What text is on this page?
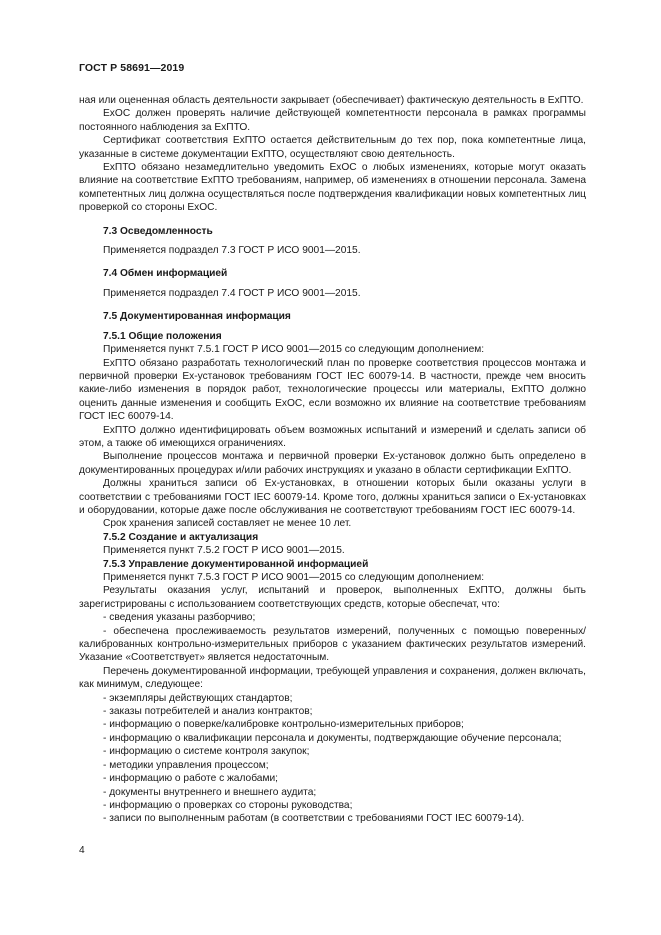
ГОСТ Р 58691—2019

ная или оцененная область деятельности закрывает (обеспечивает) фактическую деятельность в ExПТО.

ExОС должен проверять наличие действующей компетентности персонала в рамках программы постоянного наблюдения за ExПТО.

Сертификат соответствия ExПТО остается действительным до тех пор, пока компетентные лица, указанные в системе документации ExПТО, осуществляют свою деятельность.

ExПТО обязано незамедлительно уведомить ExОС о любых изменениях, которые могут оказать влияние на соответствие ExПТО требованиям, например, об изменениях в отношении персонала. Замена компетентных лиц должна осуществляться после подтверждения квалификации новых компетентных лиц проверкой со стороны ExОС.

7.3 Осведомленность

Применяется подраздел 7.3 ГОСТ Р ИСО 9001—2015.

7.4 Обмен информацией

Применяется подраздел 7.4 ГОСТ Р ИСО 9001—2015.

7.5 Документированная информация

7.5.1 Общие положения

Применяется пункт 7.5.1 ГОСТ Р ИСО 9001—2015 со следующим дополнением:

ExПТО обязано разработать технологический план по проверке соответствия процессов монтажа и первичной проверки Ex-установок требованиям ГОСТ IEC 60079-14. В частности, прежде чем вносить какие-либо изменения в порядок работ, технологические процессы или материалы, ExПТО должно оценить данные изменения и сообщить ExОС, если возможно их влияние на соответствие требованиям ГОСТ IEC 60079-14.

ExПТО должно идентифицировать объем возможных испытаний и измерений и сделать записи об этом, а также об имеющихся ограничениях.

Выполнение процессов монтажа и первичной проверки Ex-установок должно быть определено в документированных процедурах и/или рабочих инструкциях и указано в области сертификации ExПТО.

Должны храниться записи об Ex-установках, в отношении которых были оказаны услуги в соответствии с требованиями ГОСТ IEC 60079-14. Кроме того, должны храниться записи о Ex-установках и оборудовании, которые даже после обслуживания не соответствуют требованиям ГОСТ IEC 60079-14.

Срок хранения записей составляет не менее 10 лет.

7.5.2 Создание и актуализация

Применяется пункт 7.5.2 ГОСТ Р ИСО 9001—2015.

7.5.3 Управление документированной информацией

Применяется пункт 7.5.3 ГОСТ Р ИСО 9001—2015 со следующим дополнением:

Результаты оказания услуг, испытаний и проверок, выполненных ExПТО, должны быть зарегистрированы с использованием соответствующих средств, которые обеспечат, что:

- сведения указаны разборчиво;

- обеспечена прослеживаемость результатов измерений, полученных с помощью поверенных/калиброванных контрольно-измерительных приборов с указанием фактических результатов измерений. Указание «Соответствует» является недостаточным.

Перечень документированной информации, требующей управления и сохранения, должен включать, как минимум, следующее:

- экземпляры действующих стандартов;

- заказы потребителей и анализ контрактов;

- информацию о поверке/калибровке контрольно-измерительных приборов;

- информацию о квалификации персонала и документы, подтверждающие обучение персонала;

- информацию о системе контроля закупок;

- методики управления процессом;

- информацию о работе с жалобами;

- документы внутреннего и внешнего аудита;

- информацию о проверках со стороны руководства;

- записи по выполненным работам (в соответствии с требованиями ГОСТ IEC 60079-14).

4
